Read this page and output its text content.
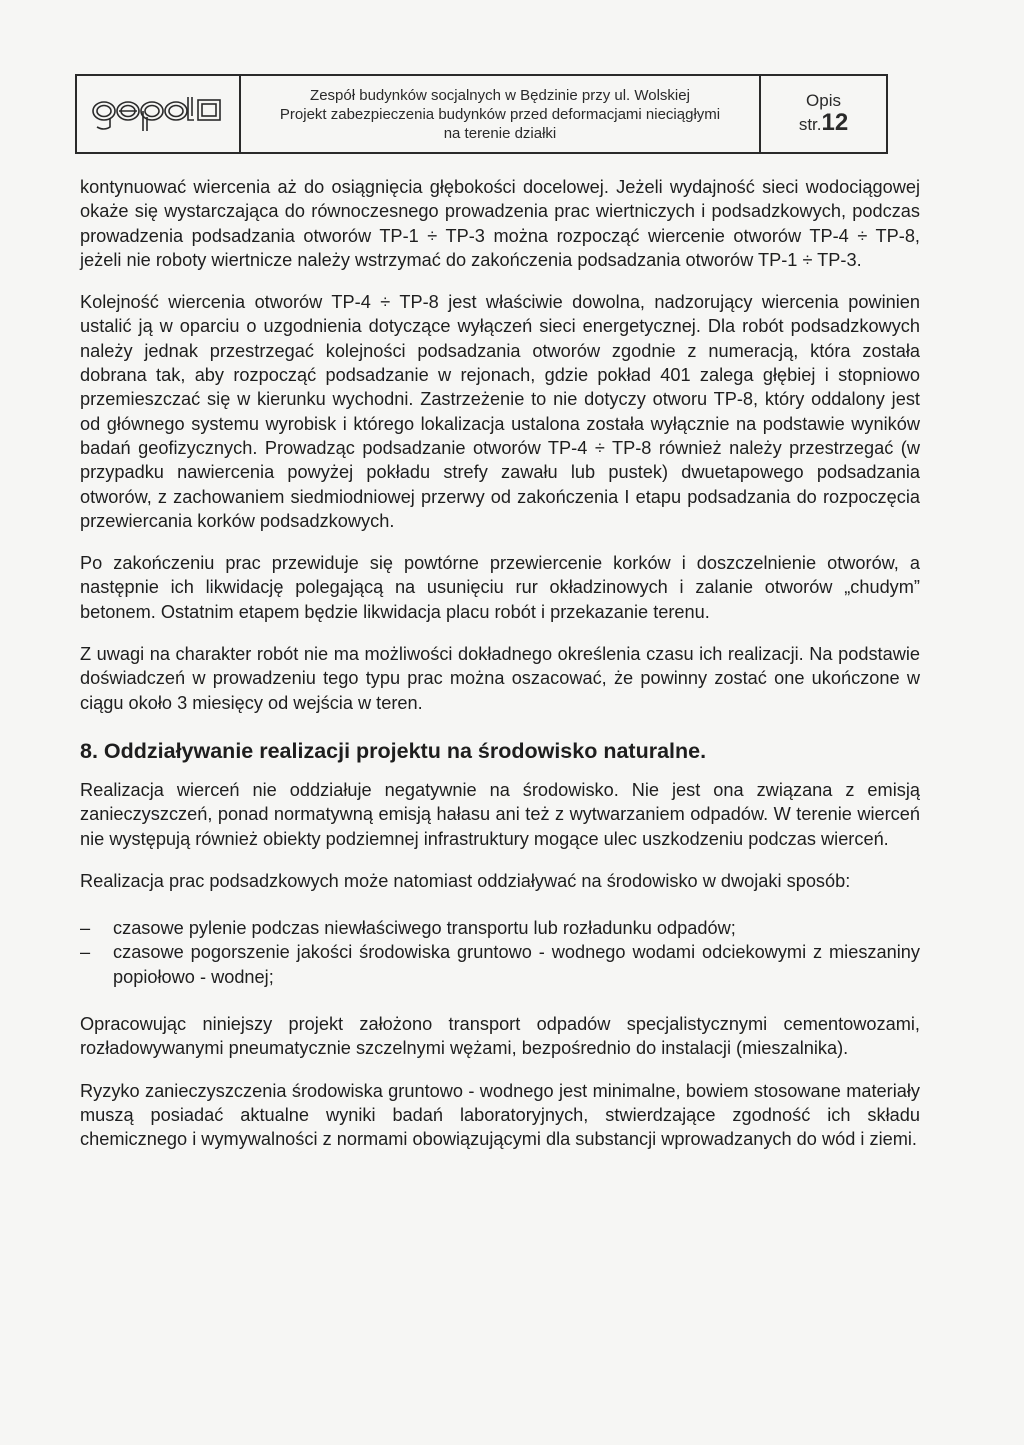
Zespół budynków socjalnych w Będzinie przy ul. Wolskiej
Projekt zabezpieczenia budynków przed deformacjami nieciągłymi
na terenie działki
Opis
str.12

kontynuować wiercenia aż do osiągnięcia głębokości docelowej. Jeżeli wydajność sieci wodociągowej okaże się wystarczająca do równoczesnego prowadzenia prac wiertniczych i podsadzkowych, podczas prowadzenia podsadzania otworów TP-1 ÷ TP-3 można rozpocząć wiercenie otworów TP-4 ÷ TP-8, jeżeli nie roboty wiertnicze należy wstrzymać do zakończenia podsadzania otworów TP-1 ÷ TP-3.

Kolejność wiercenia otworów TP-4 ÷ TP-8 jest właściwie dowolna, nadzorujący wiercenia powinien ustalić ją w oparciu o uzgodnienia dotyczące wyłączeń sieci energetycznej. Dla robót podsadzkowych należy jednak przestrzegać kolejności podsadzania otworów zgodnie z numeracją, która została dobrana tak, aby rozpocząć podsadzanie w rejonach, gdzie pokład 401 zalega głębiej i stopniowo przemieszczać się w kierunku wychodni. Zastrzeżenie to nie dotyczy otworu TP-8, który oddalony jest od głównego systemu wyrobisk i którego lokalizacja ustalona została wyłącznie na podstawie wyników badań geofizycznych. Prowadząc podsadzanie otworów TP-4 ÷ TP-8 również należy przestrzegać (w przypadku nawiercenia powyżej pokładu strefy zawału lub pustek) dwuetapowego podsadzania otworów, z zachowaniem siedmiodniowej przerwy od zakończenia I etapu podsadzania do rozpoczęcia przewiercania korków podsadzkowych.

Po zakończeniu prac przewiduje się powtórne przewiercenie korków i doszczelnienie otworów, a następnie ich likwidację polegającą na usunięciu rur okładzinowych i zalanie otworów „chudym” betonem. Ostatnim etapem będzie likwidacja placu robót i przekazanie terenu.

Z uwagi na charakter robót nie ma możliwości dokładnego określenia czasu ich realizacji. Na podstawie doświadczeń w prowadzeniu tego typu prac można oszacować, że powinny zostać one ukończone w ciągu około 3 miesięcy od wejścia w teren.

8. Oddziaływanie realizacji projektu na środowisko naturalne.

Realizacja wierceń nie oddziałuje negatywnie na środowisko. Nie jest ona związana z emisją zanieczyszczeń, ponad normatywną emisją hałasu ani też z wytwarzaniem odpadów. W terenie wierceń nie występują również obiekty podziemnej infrastruktury mogące ulec uszkodzeniu podczas wierceń.

Realizacja prac podsadzkowych może natomiast oddziaływać na środowisko w dwojaki sposób:

– czasowe pylenie podczas niewłaściwego transportu lub rozładunku odpadów;
– czasowe pogorszenie jakości środowiska gruntowo - wodnego wodami odciekowymi z mieszaniny popiołowo - wodnej;

Opracowując niniejszy projekt założono transport odpadów specjalistycznymi cementowozami, rozładowywanymi pneumatycznie szczelnymi wężami, bezpośrednio do instalacji (mieszalnika).

Ryzyko zanieczyszczenia środowiska gruntowo - wodnego jest minimalne, bowiem stosowane materiały muszą posiadać aktualne wyniki badań laboratoryjnych, stwierdzające zgodność ich składu chemicznego i wymywalności z normami obowiązującymi dla substancji wprowadzanych do wód i ziemi.
